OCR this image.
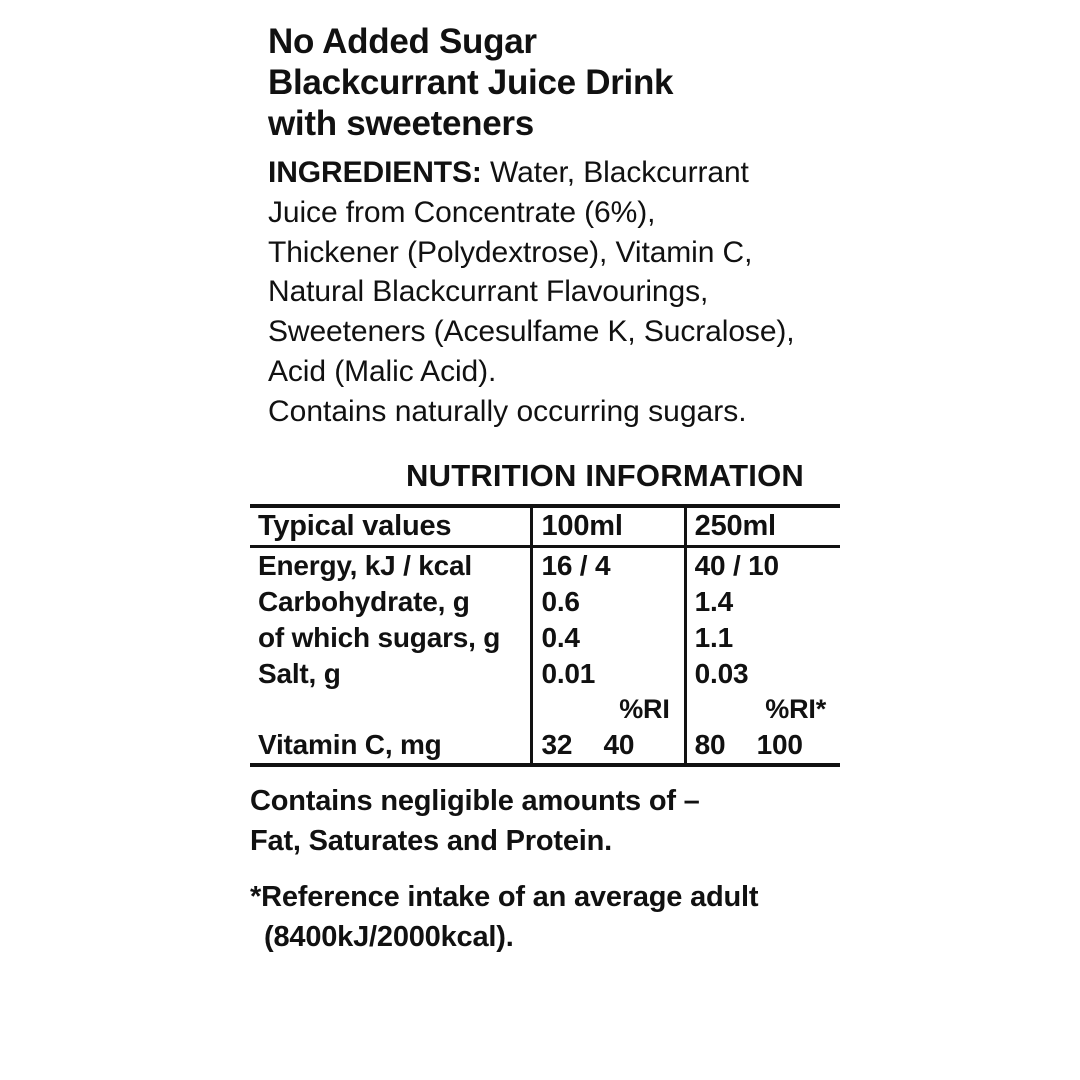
No Added Sugar
Blackcurrant Juice Drink
with sweeteners
INGREDIENTS: Water, Blackcurrant
Juice from Concentrate (6%),
Thickener (Polydextrose), Vitamin C,
Natural Blackcurrant Flavourings,
Sweeteners (Acesulfame K, Sucralose),
Acid (Malic Acid).
Contains naturally occurring sugars.
NUTRITION INFORMATION
Typical values	100ml	250ml
Energy, kJ / kcal	16 / 4	40 / 10
Carbohydrate, g	0.6	1.4
of which sugars, g	0.4	1.1
Salt, g	0.01	0.03
	%RI	%RI*
Vitamin C, mg	32 40	80 100
Contains negligible amounts of –
Fat, Saturates and Protein.
*Reference intake of an average adult
(8400kJ/2000kcal).
